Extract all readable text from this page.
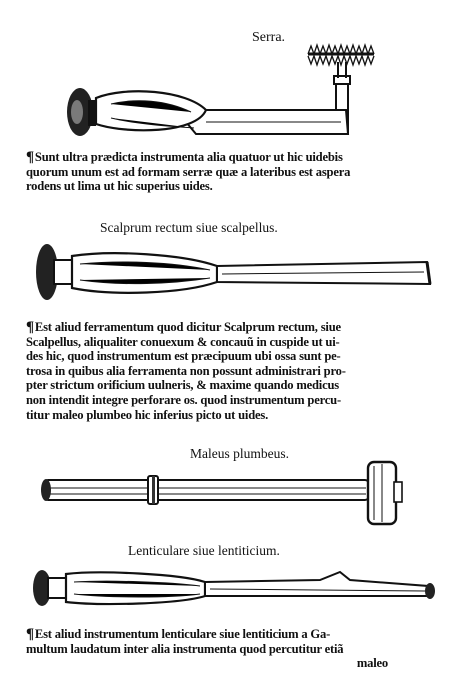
Serra.
¶Sunt ultra prædicta instrumenta alia quatuor ut hic uidebis
quorum unum est ad formam serræ quæ a lateribus est aspera
rodens ut lima ut hic superius uides.
Scalprum rectum siue scalpellus.
¶Est aliud ferramentum quod dicitur Scalprum rectum, siue
Scalpellus, aliqualiter conuexum & concauũ in cuspide ut ui-
des hic, quod instrumentum est præcipuum ubi ossa sunt pe-
trosa in quibus alia ferramenta non possunt administrari pro-
pter strictum orificium uulneris, & maxime quando medicus
non intendit integre perforare os. quod instrumentum percu-
titur maleo plumbeo hic inferius picto ut uides.
Maleus plumbeus.
Lenticulare siue lentiticium.
¶Est aliud instrumentum lenticulare siue lentiticium a Ga-
multum laudatum inter alia instrumenta quod percutitur etiã
maleo
